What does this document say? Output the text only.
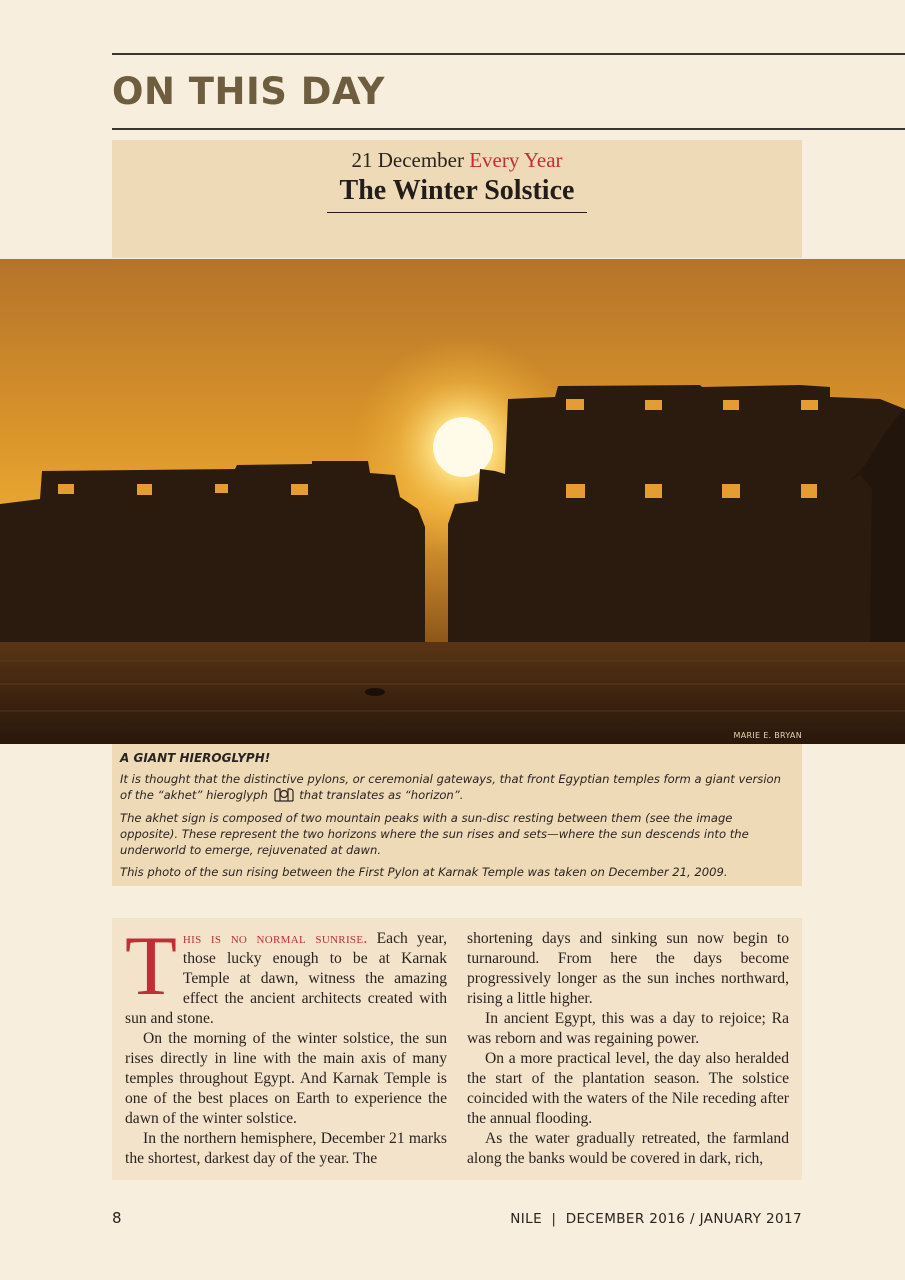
ON THIS DAY
21 December Every Year
The Winter Solstice
MARIE E. BRYAN
A GIANT HIEROGLYPH!

It is thought that the distinctive pylons, or ceremonial gateways, that front Egyptian temples form a giant version of the “akhet” hieroglyph	that translates as “horizon”.

The akhet sign is composed of two mountain peaks with a sun-disc resting between them (see the image opposite). These represent the two horizons where the sun rises and sets—where the sun descends into the underworld to emerge, rejuvenated at dawn.

This photo of the sun rising between the First Pylon at Karnak Temple was taken on December 21, 2009.

This is no normal sunrise. Each year, those lucky enough to be at Karnak Temple at dawn, witness the amazing effect the ancient architects created with sun and stone.

On the morning of the winter solstice, the sun rises directly in line with the main axis of many temples throughout Egypt. And Karnak Temple is one of the best places on Earth to experience the dawn of the winter solstice.

In the northern hemisphere, December 21 marks the shortest, darkest day of the year. The

shortening days and sinking sun now begin to turnaround. From here the days become progressively longer as the sun inches northward, rising a little higher.

In ancient Egypt, this was a day to rejoice; Ra was reborn and was regaining power.

On a more practical level, the day also heralded the start of the plantation season. The solstice coincided with the waters of the Nile receding after the annual flooding.

As the water gradually retreated, the farmland along the banks would be covered in dark, rich,

8	NILE  |  DECEMBER 2016 / JANUARY 2017
